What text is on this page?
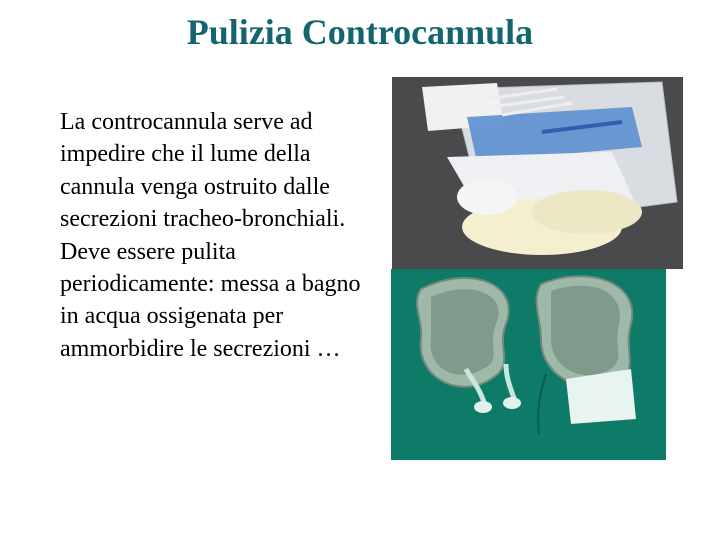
Pulizia Controcannula

La controcannula serve ad impedire che il lume della cannula venga ostruito dalle secrezioni tracheo-bronchiali.

Deve essere pulita periodicamente: messa a bagno in acqua ossigenata per ammorbidire le secrezioni …
